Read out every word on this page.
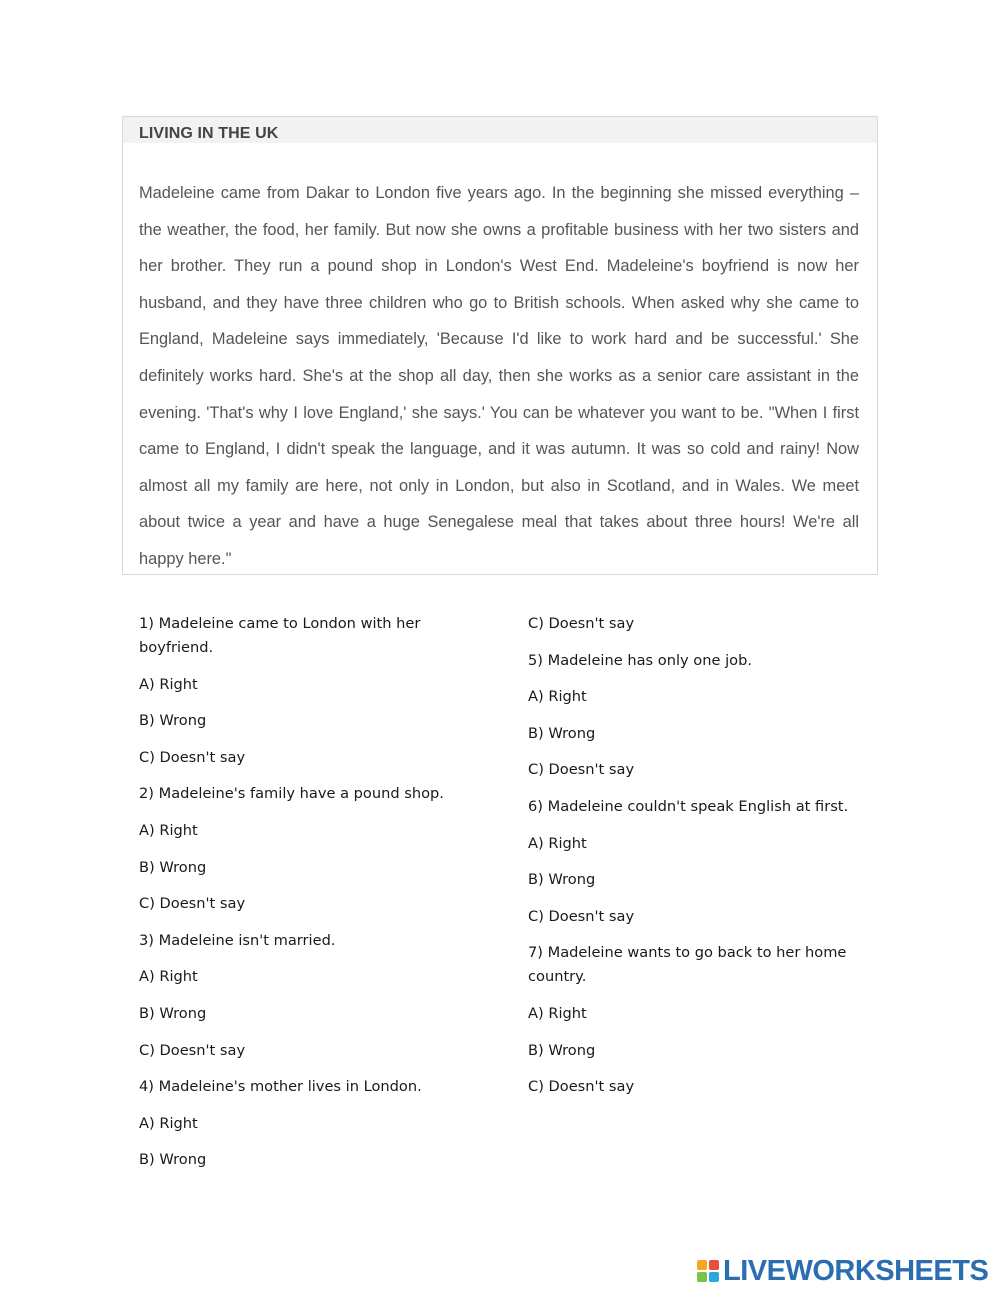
LIVING IN THE UK

Madeleine came from Dakar to London five years ago. In the beginning she missed everything – the weather, the food, her family. But now she owns a profitable business with her two sisters and her brother. They run a pound shop in London's West End. Madeleine's boyfriend is now her husband, and they have three children who go to British schools. When asked why she came to England, Madeleine says immediately, 'Because I'd like to work hard and be successful.' She definitely works hard. She's at the shop all day, then she works as a senior care assistant in the evening. 'That's why I love England,' she says.' You can be whatever you want to be. "When I first came to England, I didn't speak the language, and it was autumn. It was so cold and rainy! Now almost all my family are here, not only in London, but also in Scotland, and in Wales. We meet about twice a year and have a huge Senegalese meal that takes about three hours! We're all happy here."

1) Madeleine came to London with her boyfriend.
A) Right
B) Wrong
C) Doesn't say
2) Madeleine's family have a pound shop.
A) Right
B) Wrong
C) Doesn't say
3) Madeleine isn't married.
A) Right
B) Wrong
C) Doesn't say
4) Madeleine's mother lives in London.
A) Right
B) Wrong
C) Doesn't say
5) Madeleine has only one job.
A) Right
B) Wrong
C) Doesn't say
6) Madeleine couldn't speak English at first.
A) Right
B) Wrong
C) Doesn't say
7) Madeleine wants to go back to her home country.
A) Right
B) Wrong
C) Doesn't say
LIVEWORKSHEETS
